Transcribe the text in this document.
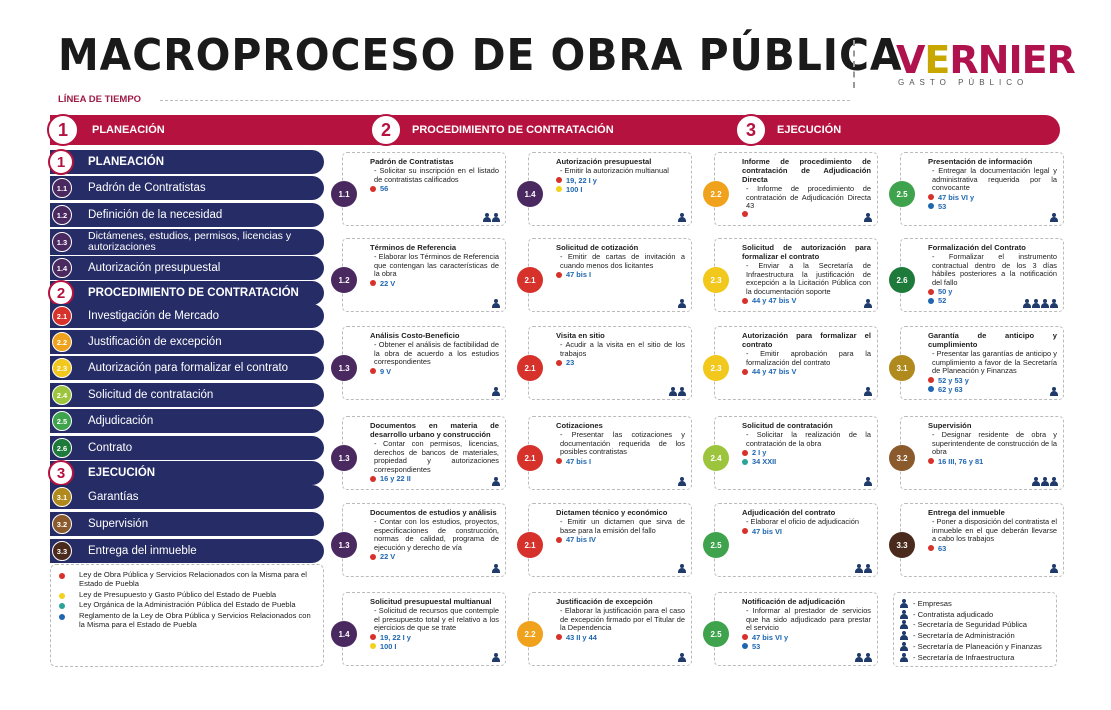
MACROPROCESO DE OBRA PÚBLICA
VERNIER
GASTO PÚBLICO
LÍNEA DE TIEMPO
1	PLANEACIÓN	2	PROCEDIMIENTO DE CONTRATACIÓN	3	EJECUCIÓN
1	PLANEACIÓN
1.1	Padrón de Contratistas
1.2	Definición de la necesidad
1.3	Dictámenes, estudios, permisos, licencias y autorizaciones
1.4	Autorización presupuestal
2	PROCEDIMIENTO DE CONTRATACIÓN
2.1	Investigación de Mercado
2.2	Justificación de excepción
2.3	Autorización para formalizar el contrato
2.4	Solicitud de contratación
2.5	Adjudicación
2.6	Contrato
3	EJECUCIÓN
3.1	Garantías
3.2	Supervisión
3.3	Entrega del inmueble
1.1
Padrón de Contratistas
- Solicitar su inscripción en el listado de contratistas calificados
56
1.2
Términos de Referencia
- Elaborar los Términos de Referencia que contengan las características de la obra
22 V
1.3
Análisis Costo-Beneficio
- Obtener el análisis de factibilidad de la obra de acuerdo a los estudios correspondientes
9 V
1.3
Documentos en materia de desarrollo urbano y construcción
- Contar con permisos, licencias, derechos de bancos de materiales, propiedad y autorizaciones correspondientes
16 y 22 II
1.3
Documentos de estudios y análisis
- Contar con los estudios, proyectos, especificaciones de construcción, normas de calidad, programa de ejecución y derecho de vía
22 V
1.4
Solicitud presupuestal multianual
- Solicitud de recursos que contemple el presupuesto total y el relativo a los ejercicios de que se trate
19, 22 I y
100 I
1.4
Autorización presupuestal
- Emitir la autorización multianual
19, 22 I y
100 I
2.1
Solicitud de cotización
- Emitir de cartas de invitación a cuando menos dos licitantes
47 bis I
2.1
Visita en sitio
- Acudir a la visita en el sitio de los trabajos
23
2.1
Cotizaciones
- Presentar las cotizaciones y documentación requerida de los posibles contratistas
47 bis I
2.1
Dictamen técnico y económico
- Emitir un dictamen que sirva de base para la emisión del fallo
47 bis IV
2.2
Justificación de excepción
- Elaborar la justificación para el caso de excepción firmado por el Titular de la Dependencia
43 II y 44
2.2
Informe de procedimiento de contratación de Adjudicación Directa
- Informe de procedimiento de contratación de Adjudicación Directa 43
2.3
Solicitud de autorización para formalizar el contrato
- Enviar a la Secretaría de Infraestructura la justificación de excepción a la Licitación Pública con la documentación soporte
44 y 47 bis V
2.3
Autorización para formalizar el contrato
- Emitir aprobación para la formalización del contrato
44 y 47 bis V
2.4
Solicitud de contratación
- Solicitar la realización de la contratación de la obra
2 I y
34 XXII
2.5
Adjudicación del contrato
- Elaborar el oficio de adjudicación
47 bis VI
2.5
Notificación de adjudicación
- Informar al prestador de servicios que ha sido adjudicado para prestar el servicio
47 bis VI y
53
2.5
Presentación de información
- Entregar la documentación legal y administrativa requerida por la convocante
47 bis VI y
53
2.6
Formalización del Contrato
- Formalizar el instrumento contractual dentro de los 3 días hábiles posteriores a la notificación del fallo
50 y
52
3.1
Garantía de anticipo y cumplimiento
- Presentar las garantías de anticipo y cumplimiento a favor de la Secretaría de Planeación y Finanzas
52 y 53 y
62 y 63
3.2
Supervisión
- Designar residente de obra y superintendente de construcción de la obra
16 III, 76 y 81
3.3
Entrega del inmueble
- Poner a disposición del contratista el inmueble en el que deberán llevarse a cabo los trabajos
63
Ley de Obra Pública y Servicios Relacionados con la Misma para el Estado de Puebla
Ley de Presupuesto y Gasto Público del Estado de Puebla
Ley Orgánica de la Administración Pública del Estado de Puebla
Reglamento de la Ley de Obra Pública y Servicios Relacionados con la Misma para el Estado de Puebla
- Empresas
- Contratista adjudicado
- Secretaría de Seguridad Pública
- Secretaría de Administración
- Secretaría de Planeación y Finanzas
- Secretaría de Infraestructura
